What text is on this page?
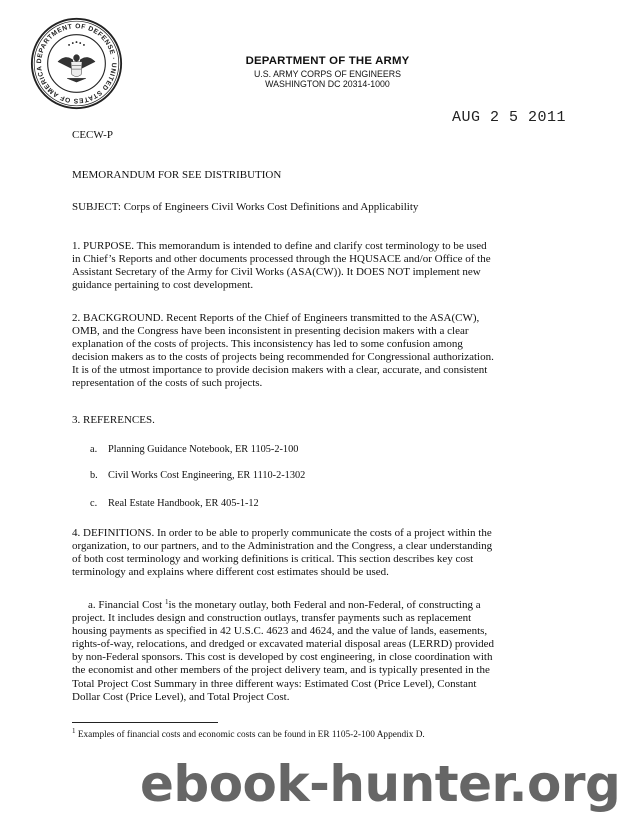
DEPARTMENT OF DEFENSE · UNITED STATES OF AMERICA
DEPARTMENT OF THE ARMY
U.S. ARMY CORPS OF ENGINEERS
WASHINGTON DC 20314-1000
AUG 2 5 2011
CECW-P
MEMORANDUM FOR SEE DISTRIBUTION
SUBJECT: Corps of Engineers Civil Works Cost Definitions and Applicability
1. PURPOSE. This memorandum is intended to define and clarify cost terminology to be used
in Chief’s Reports and other documents processed through the HQUSACE and/or Office of the
Assistant Secretary of the Army for Civil Works (ASA(CW)). It DOES NOT implement new
guidance pertaining to cost development.
2. BACKGROUND. Recent Reports of the Chief of Engineers transmitted to the ASA(CW),
OMB, and the Congress have been inconsistent in presenting decision makers with a clear
explanation of the costs of projects. This inconsistency has led to some confusion among
decision makers as to the costs of projects being recommended for Congressional authorization.
It is of the utmost importance to provide decision makers with a clear, accurate, and consistent
representation of the costs of such projects.
3. REFERENCES.
a. Planning Guidance Notebook, ER 1105-2-100
b. Civil Works Cost Engineering, ER 1110-2-1302
c. Real Estate Handbook, ER 405-1-12
4. DEFINITIONS. In order to be able to properly communicate the costs of a project within the
organization, to our partners, and to the Administration and the Congress, a clear understanding
of both cost terminology and working definitions is critical. This section describes key cost
terminology and explains where different cost estimates should be used.
a. Financial Cost $^1$is the monetary outlay, both Federal and non-Federal, of constructing a
project. It includes design and construction outlays, transfer payments such as replacement
housing payments as specified in 42 U.S.C. 4623 and 4624, and the value of lands, easements,
rights-of-way, relocations, and dredged or excavated material disposal areas (LERRD) provided
by non-Federal sponsors. This cost is developed by cost engineering, in close coordination with
the economist and other members of the project delivery team, and is typically presented in the
Total Project Cost Summary in three different ways: Estimated Cost (Price Level), Constant
Dollar Cost (Price Level), and Total Project Cost.
$^1$ Examples of financial costs and economic costs can be found in ER 1105-2-100 Appendix D.
ebook-hunter.org
